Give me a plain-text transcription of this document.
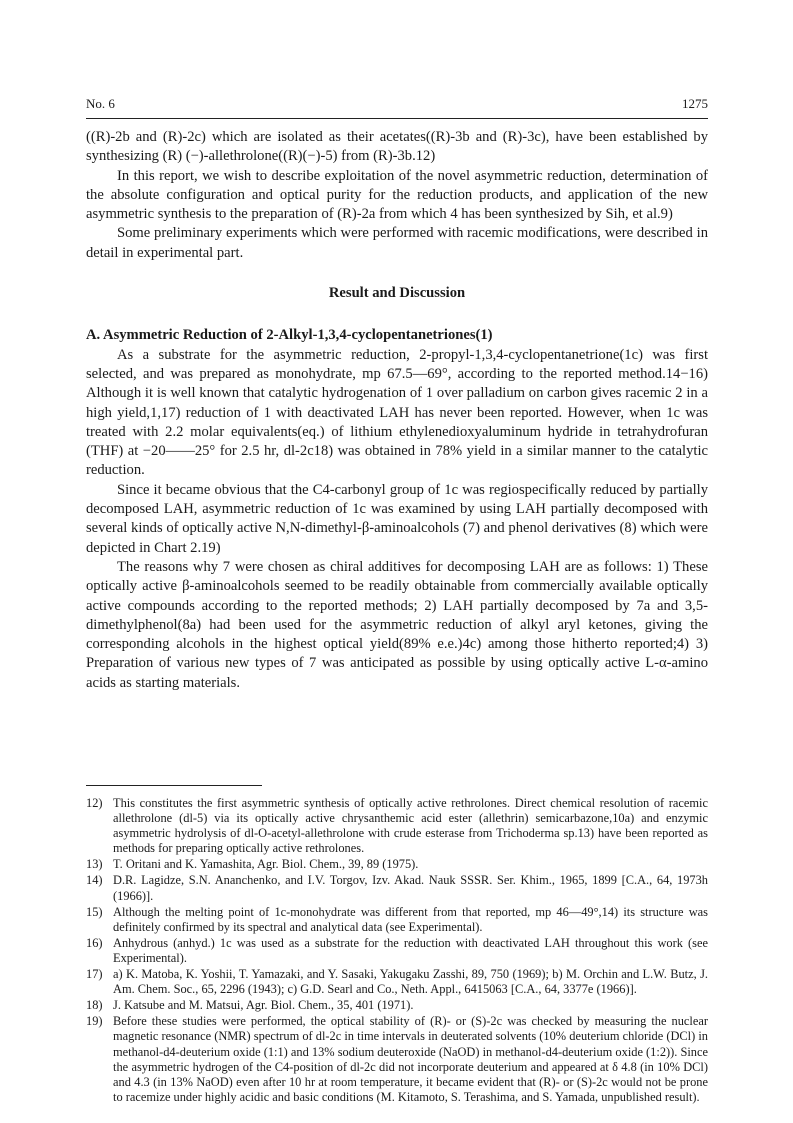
No. 6	1275

((R)-2b and (R)-2c) which are isolated as their acetates((R)-3b and (R)-3c), have been established by synthesizing (R) (−)-allethrolone((R)(−)-5) from (R)-3b.12)

In this report, we wish to describe exploitation of the novel asymmetric reduction, determination of the absolute configuration and optical purity for the reduction products, and application of the new asymmetric synthesis to the preparation of (R)-2a from which 4 has been synthesized by Sih, et al.9)

Some preliminary experiments which were performed with racemic modifications, were described in detail in experimental part.

Result and Discussion

A. Asymmetric Reduction of 2-Alkyl-1,3,4-cyclopentanetriones(1)

As a substrate for the asymmetric reduction, 2-propyl-1,3,4-cyclopentanetrione(1c) was first selected, and was prepared as monohydrate, mp 67.5—69°, according to the reported method.14−16) Although it is well known that catalytic hydrogenation of 1 over palladium on carbon gives racemic 2 in a high yield,1,17) reduction of 1 with deactivated LAH has never been reported. However, when 1c was treated with 2.2 molar equivalents(eq.) of lithium ethylenedioxyaluminum hydride in tetrahydrofuran (THF) at −20——25° for 2.5 hr, dl-2c18) was obtained in 78% yield in a similar manner to the catalytic reduction.

Since it became obvious that the C4-carbonyl group of 1c was regiospecifically reduced by partially decomposed LAH, asymmetric reduction of 1c was examined by using LAH partially decomposed with several kinds of optically active N,N-dimethyl-β-aminoalcohols (7) and phenol derivatives (8) which were depicted in Chart 2.19)

The reasons why 7 were chosen as chiral additives for decomposing LAH are as follows: 1) These optically active β-aminoalcohols seemed to be readily obtainable from commercially available optically active compounds according to the reported methods; 2) LAH partially decomposed by 7a and 3,5-dimethylphenol(8a) had been used for the asymmetric reduction of alkyl aryl ketones, giving the corresponding alcohols in the highest optical yield(89% e.e.)4c) among those hitherto reported;4) 3) Preparation of various new types of 7 was anticipated as possible by using optically active L-α-amino acids as starting materials.

12) This constitutes the first asymmetric synthesis of optically active rethrolones. Direct chemical resolution of racemic allethrolone (dl-5) via its optically active chrysanthemic acid ester (allethrin) semicarbazone,10a) and enzymic asymmetric hydrolysis of dl-O-acetyl-allethrolone with crude esterase from Trichoderma sp.13) have been reported as methods for preparing optically active rethrolones.
13) T. Oritani and K. Yamashita, Agr. Biol. Chem., 39, 89 (1975).
14) D.R. Lagidze, S.N. Ananchenko, and I.V. Torgov, Izv. Akad. Nauk SSSR. Ser. Khim., 1965, 1899 [C.A., 64, 1973h (1966)].
15) Although the melting point of 1c-monohydrate was different from that reported, mp 46—49°,14) its structure was definitely confirmed by its spectral and analytical data (see Experimental).
16) Anhydrous (anhyd.) 1c was used as a substrate for the reduction with deactivated LAH throughout this work (see Experimental).
17) a) K. Matoba, K. Yoshii, T. Yamazaki, and Y. Sasaki, Yakugaku Zasshi, 89, 750 (1969); b) M. Orchin and L.W. Butz, J. Am. Chem. Soc., 65, 2296 (1943); c) G.D. Searl and Co., Neth. Appl., 6415063 [C.A., 64, 3377e (1966)].
18) J. Katsube and M. Matsui, Agr. Biol. Chem., 35, 401 (1971).
19) Before these studies were performed, the optical stability of (R)- or (S)-2c was checked by measuring the nuclear magnetic resonance (NMR) spectrum of dl-2c in time intervals in deuterated solvents (10% deuterium chloride (DCl) in methanol-d4-deuterium oxide (1:1) and 13% sodium deuteroxide (NaOD) in methanol-d4-deuterium oxide (1:2)). Since the asymmetric hydrogen of the C4-position of dl-2c did not incorporate deuterium and appeared at δ 4.8 (in 10% DCl) and 4.3 (in 13% NaOD) even after 10 hr at room temperature, it became evident that (R)- or (S)-2c would not be prone to racemize under highly acidic and basic conditions (M. Kitamoto, S. Terashima, and S. Yamada, unpublished result).
